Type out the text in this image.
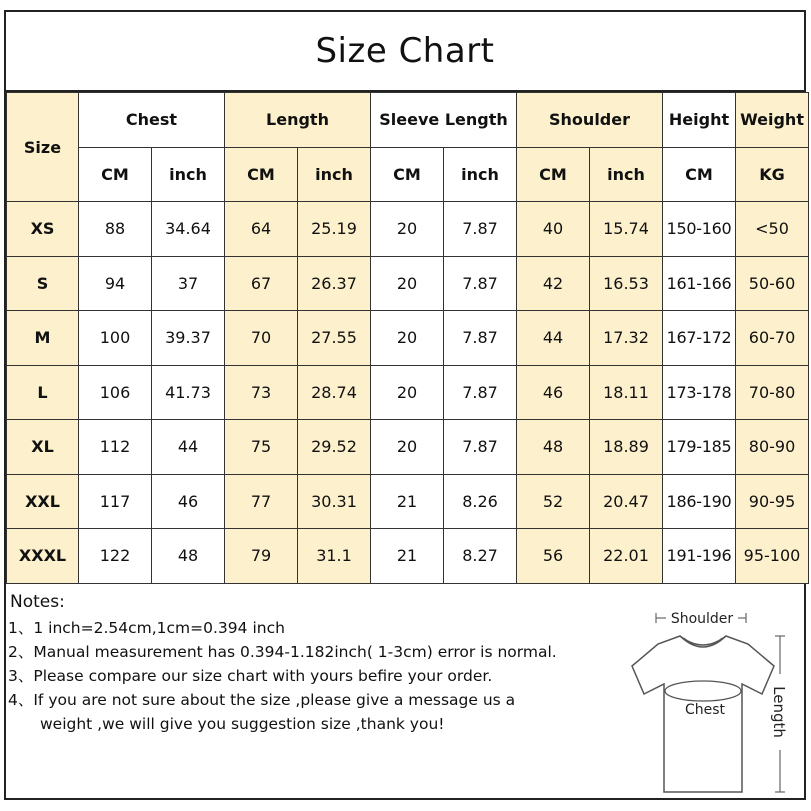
Size Chart
Size	Chest		Length		Sleeve Length		Shoulder		Height	Weight
	CM	inch	CM	inch	CM	inch	CM	inch	CM	KG
XS	88	34.64	64	25.19	20	7.87	40	15.74	150-160	<50
S	94	37	67	26.37	20	7.87	42	16.53	161-166	50-60
M	100	39.37	70	27.55	20	7.87	44	17.32	167-172	60-70
L	106	41.73	73	28.74	20	7.87	46	18.11	173-178	70-80
XL	112	44	75	29.52	20	7.87	48	18.89	179-185	80-90
XXL	117	46	77	30.31	21	8.26	52	20.47	186-190	90-95
XXXL	122	48	79	31.1	21	8.27	56	22.01	191-196	95-100

Notes:

1、1 inch=2.54cm,1cm=0.394 inch

2、Manual measurement has 0.394-1.182inch( 1-3cm) error is normal.

3、Please compare our size chart with yours befire your order.

4、If you are not sure about the size ,please give a message us a

weight ,we will give you suggestion size ,thank you!

Shoulder
Chest	Length
